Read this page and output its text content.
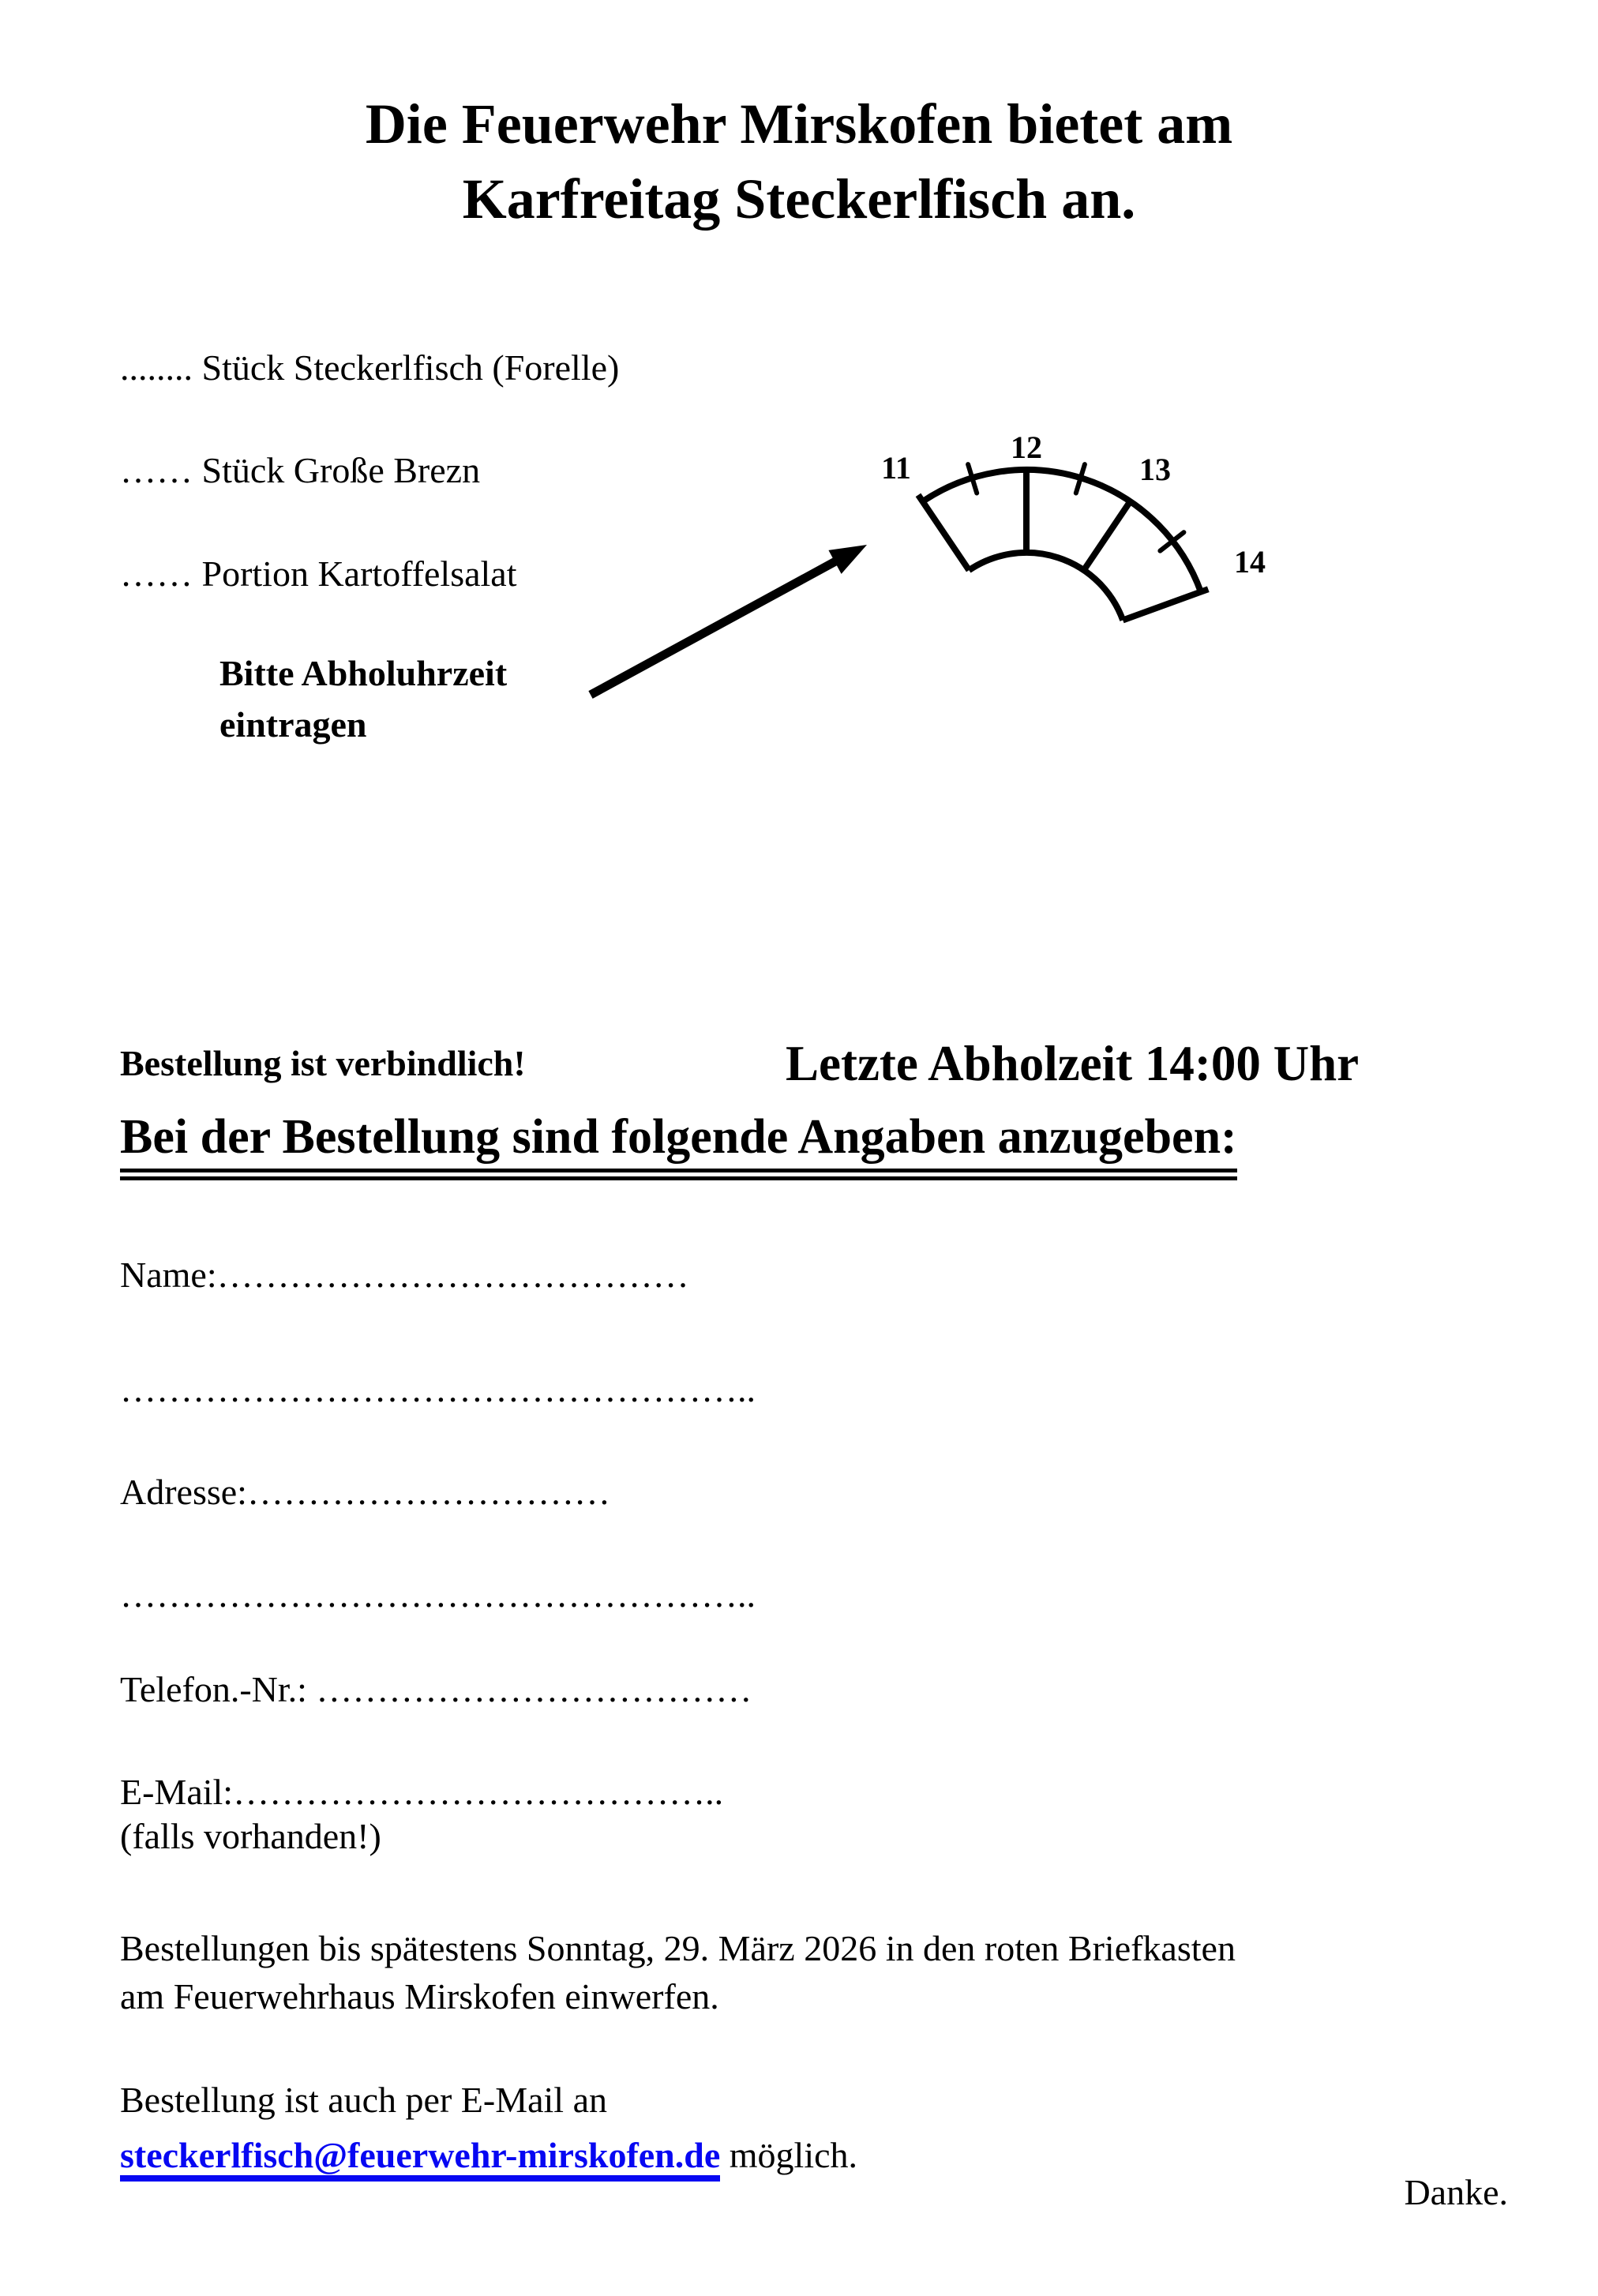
Die Feuerwehr Mirskofen bietet am
Karfreitag Steckerlfisch an.
........ Stück Steckerlfisch (Forelle)
…… Stück Große Brezn
…… Portion Kartoffelsalat
Bitte Abholuhrzeit
eintragen
11
12
13
14
Bestellung ist verbindlich!	Letzte Abholzeit 14:00 Uhr
Bei der Bestellung sind folgende Angaben anzugeben:
Name:…………………………………
……………………………………………..
Adresse:…………………………
……………………………………………..
Telefon.-Nr.: ………………………………
E-Mail:…………………………………..
(falls vorhanden!)
Bestellungen bis spätestens Sonntag, 29. März 2026 in den roten Briefkasten
am Feuerwehrhaus Mirskofen einwerfen.
Bestellung ist auch per E-Mail an
steckerlfisch@feuerwehr-mirskofen.de möglich.
Danke.
